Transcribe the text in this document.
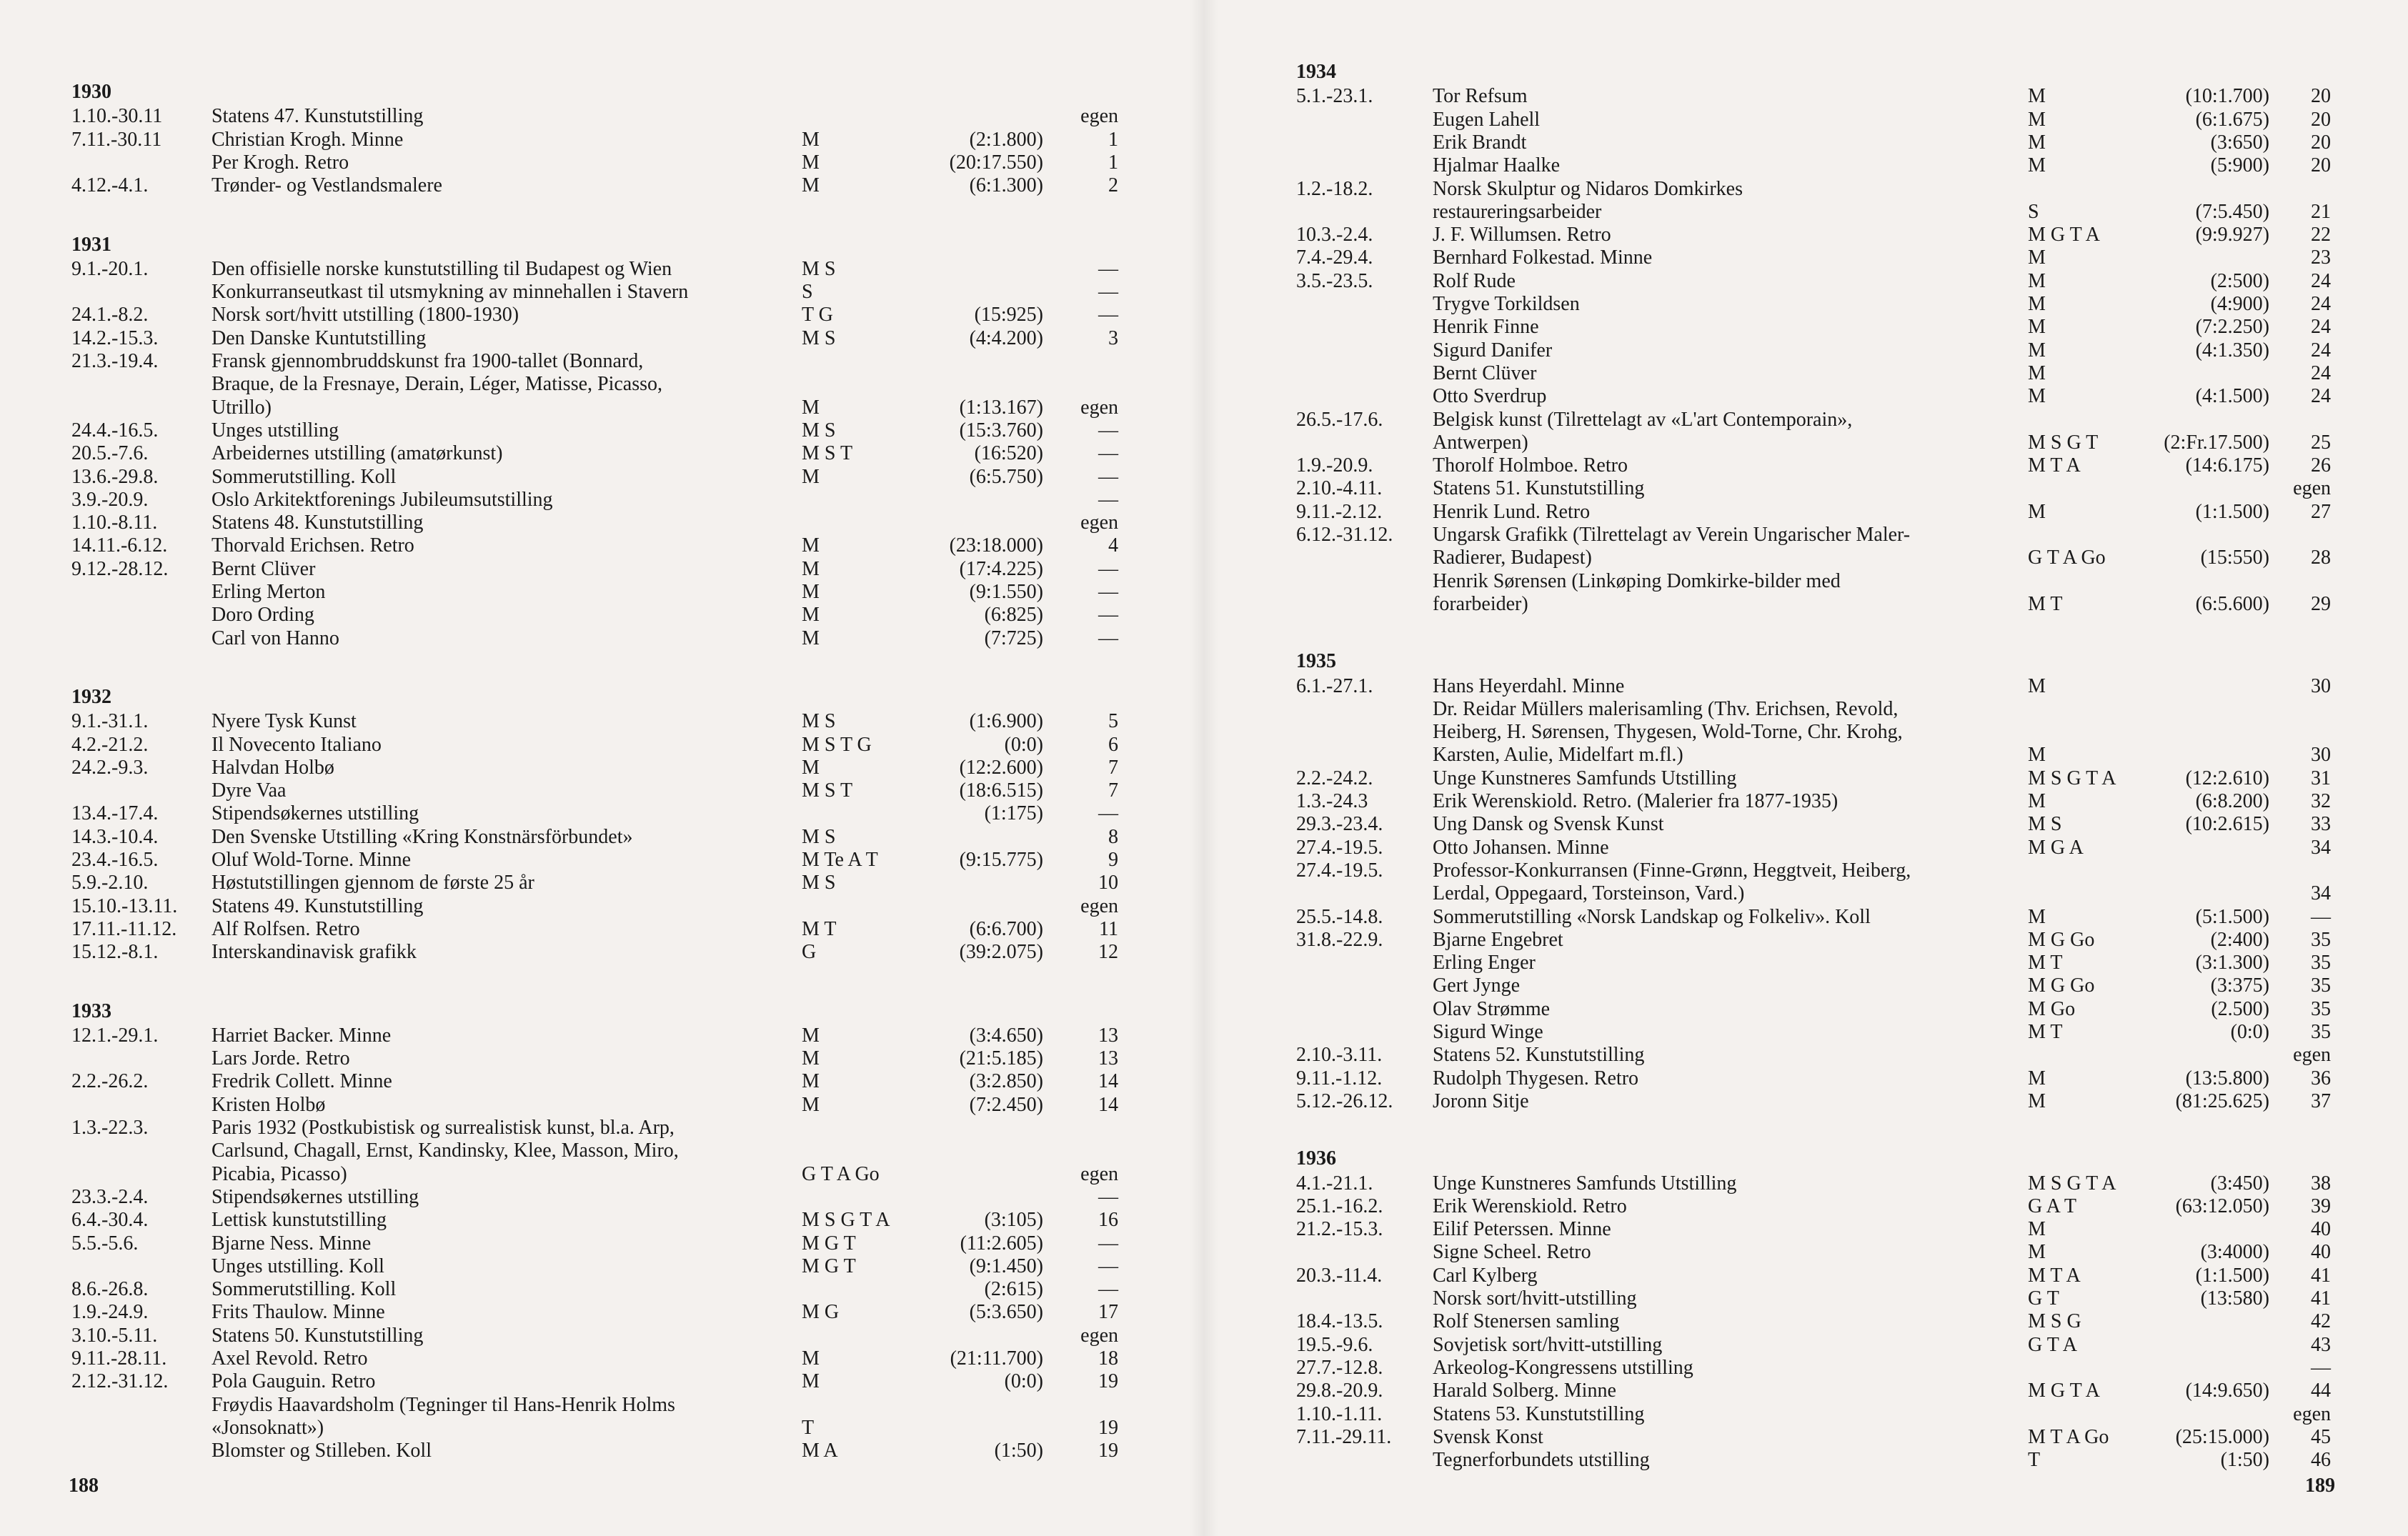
1930
1.10.-30.11 Statens 47. Kunstutstilling	egen
7.11.-30.11 Christian Krogh. Minne	M	(2:1.800)	1
Per Krogh. Retro	M	(20:17.550)	1
4.12.-4.1.	Trønder- og Vestlandsmalere	M	(6:1.300)	2
1931
9.1.-20.1.	Den offisielle norske kunstutstilling til Budapest og Wien	M S	—
Konkurranseutkast til utsmykning av minnehallen i Stavern	S	—
24.1.-8.2.	Norsk sort/hvitt utstilling (1800-1930)	T G	(15:925)	—
14.2.-15.3.	Den Danske Kuntutstilling	M S	(4:4.200)	3
21.3.-19.4.	Fransk gjennombruddskunst fra 1900-tallet (Bonnard,
Braque, de la Fresnaye, Derain, Léger, Matisse, Picasso,
Utrillo)	M	(1:13.167) egen
24.4.-16.5.	Unges utstilling	M S	(15:3.760)	—
20.5.-7.6.	Arbeidernes utstilling (amatørkunst)	M S T	(16:520)	—
13.6.-29.8.	Sommerutstilling. Koll	M	(6:5.750)	—
3.9.-20.9.	Oslo Arkitektforenings Jubileumsutstilling	—
1.10.-8.11.	Statens 48. Kunstutstilling	egen
14.11.-6.12. Thorvald Erichsen. Retro	M	(23:18.000)	4
9.12.-28.12. Bernt Clüver	M	(17:4.225)	—
Erling Merton	M	(9:1.550)	—
Doro Ording	M	(6:825)	—
Carl von Hanno	M	(7:725)	—
1932
9.1.-31.1.	Nyere Tysk Kunst	M S	(1:6.900)	5
4.2.-21.2.	Il Novecento Italiano	M S T G	(0:0)	6
24.2.-9.3.	Halvdan Holbø	M	(12:2.600)	7
Dyre Vaa	M S T	(18:6.515)	7
13.4.-17.4.	Stipendsøkernes utstilling	(1:175)	—
14.3.-10.4.	Den Svenske Utstilling «Kring Konstnärsförbundet»	M S	8
23.4.-16.5.	Oluf Wold-Torne. Minne	M Te A T	(9:15.775)	9
5.9.-2.10.	Høstutstillingen gjennom de første 25 år	M S	10
15.10.-13.11. Statens 49. Kunstutstilling	egen
17.11.-11.12. Alf Rolfsen. Retro	M T	(6:6.700)	11
15.12.-8.1.	Interskandinavisk grafikk	G	(39:2.075)	12
1933
12.1.-29.1.	Harriet Backer. Minne	M	(3:4.650)	13
Lars Jorde. Retro	M	(21:5.185)	13
2.2.-26.2.	Fredrik Collett. Minne	M	(3:2.850)	14
Kristen Holbø	M	(7:2.450)	14
1.3.-22.3.	Paris 1932 (Postkubistisk og surrealistisk kunst, bl.a. Arp,
Carlsund, Chagall, Ernst, Kandinsky, Klee, Masson, Miro,
Picabia, Picasso)	G T A Go	egen
23.3.-2.4.	Stipendsøkernes utstilling	—
6.4.-30.4.	Lettisk kunstutstilling	M S G T A	(3:105)	16
5.5.-5.6.	Bjarne Ness. Minne	M G T	(11:2.605)	—
Unges utstilling. Koll	M G T	(9:1.450)	—
8.6.-26.8.	Sommerutstilling. Koll	(2:615)	—
1.9.-24.9.	Frits Thaulow. Minne	M G	(5:3.650)	17
3.10.-5.11.	Statens 50. Kunstutstilling	egen
9.11.-28.11. Axel Revold. Retro	M	(21:11.700)	18
2.12.-31.12. Pola Gauguin. Retro	M	(0:0)	19
Frøydis Haavardsholm (Tegninger til Hans-Henrik Holms
«Jonsoknatt»)	T	19
Blomster og Stilleben. Koll	M A	(1:50)	19
188
1934
5.1.-23.1.	Tor Refsum	M	(10:1.700) 20
Eugen Lahell	M	(6:1.675) 20
Erik Brandt	M	(3:650) 20
Hjalmar Haalke	M	(5:900) 20
1.2.-18.2.	Norsk Skulptur og Nidaros Domkirkes
restaureringsarbeider	S	(7:5.450) 21
10.3.-2.4.	J. F. Willumsen. Retro	M G T A	(9:9.927) 22
7.4.-29.4.	Bernhard Folkestad. Minne	M	23
3.5.-23.5.	Rolf Rude	M	(2:500) 24
Trygve Torkildsen	M	(4:900) 24
Henrik Finne	M	(7:2.250) 24
Sigurd Danifer	M	(4:1.350) 24
Bernt Clüver	M	24
Otto Sverdrup	M	(4:1.500) 24
26.5.-17.6. Belgisk kunst (Tilrettelagt av «L'art Contemporain»,
Antwerpen)	M S G T	(2:Fr.17.500) 25
1.9.-20.9.	Thorolf Holmboe. Retro	M T A	(14:6.175) 26
2.10.-4.11.	Statens 51. Kunstutstilling	egen
9.11.-2.12.	Henrik Lund. Retro	M	(1:1.500) 27
6.12.-31.12. Ungarsk Grafikk (Tilrettelagt av Verein Ungarischer Maler-
Radierer, Budapest)	G T A Go	(15:550) 28
Henrik Sørensen (Linkøping Domkirke-bilder med
forarbeider)	M T	(6:5.600) 29
1935
6.1.-27.1.	Hans Heyerdahl. Minne	M	30
Dr. Reidar Müllers malerisamling (Thv. Erichsen, Revold,
Heiberg, H. Sørensen, Thygesen, Wold-Torne, Chr. Krohg,
Karsten, Aulie, Midelfart m.fl.)	M	30
2.2.-24.2.	Unge Kunstneres Samfunds Utstilling	M S G T A	(12:2.610) 31
1.3.-24.3	Erik Werenskiold. Retro. (Malerier fra 1877-1935)	M	(6:8.200) 32
29.3.-23.4. Ung Dansk og Svensk Kunst	M S	(10:2.615) 33
27.4.-19.5. Otto Johansen. Minne	M G A	34
27.4.-19.5. Professor-Konkurransen (Finne-Grønn, Heggtveit, Heiberg,
Lerdal, Oppegaard, Torsteinson, Vard.)	34
25.5.-14.8. Sommerutstilling «Norsk Landskap og Folkeliv». Koll	M	(5:1.500) —
31.8.-22.9. Bjarne Engebret	M G Go	(2:400) 35
Erling Enger	M T	(3:1.300) 35
Gert Jynge	M G Go	(3:375) 35
Olav Strømme	M Go	(2.500) 35
Sigurd Winge	M T	(0:0) 35
2.10.-3.11.	Statens 52. Kunstutstilling	egen
9.11.-1.12.	Rudolph Thygesen. Retro	M	(13:5.800) 36
5.12.-26.12. Joronn Sitje	M	(81:25.625) 37
1936
4.1.-21.1.	Unge Kunstneres Samfunds Utstilling	M S G T A	(3:450) 38
25.1.-16.2. Erik Werenskiold. Retro	G A T	(63:12.050) 39
21.2.-15.3. Eilif Peterssen. Minne	M	40
Signe Scheel. Retro	M	(3:4000) 40
20.3.-11.4.	Carl Kylberg	M T A	(1:1.500) 41
Norsk sort/hvitt-utstilling	G T	(13:580) 41
18.4.-13.5. Rolf Stenersen samling	M S G	42
19.5.-9.6.	Sovjetisk sort/hvitt-utstilling	G T A	43
27.7.-12.8. Arkeolog-Kongressens utstilling	—
29.8.-20.9. Harald Solberg. Minne	M G T A	(14:9.650) 44
1.10.-1.11.	Statens 53. Kunstutstilling	egen
7.11.-29.11. Svensk Konst	M T A Go	(25:15.000) 45
Tegnerforbundets utstilling	T	(1:50) 46
189
